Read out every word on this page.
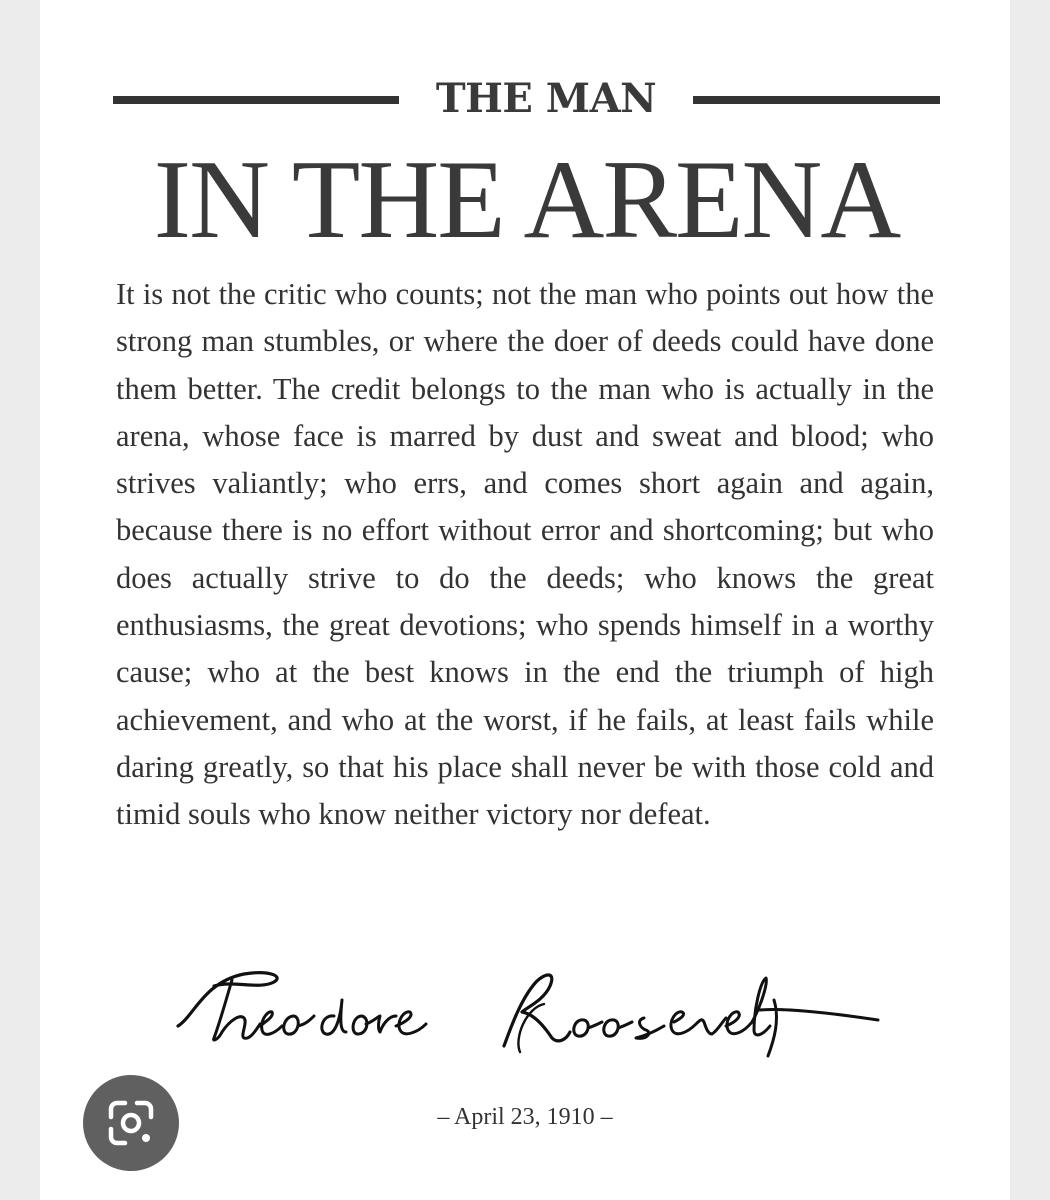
THE MAN
IN THE ARENA
It is not the critic who counts; not the man who points out how the strong man stumbles, or where the doer of deeds could have done them better. The credit belongs to the man who is actually in the arena, whose face is marred by dust and sweat and blood; who strives valiantly; who errs, and comes short again and again, because there is no effort without error and shortcoming; but who does actually strive to do the deeds; who knows the great enthusiasms, the great devotions; who spends himself in a worthy cause; who at the best knows in the end the triumph of high achievement, and who at the worst, if he fails, at least fails while daring greatly, so that his place shall never be with those cold and timid souls who know neither victory nor defeat.
– April 23, 1910 –
